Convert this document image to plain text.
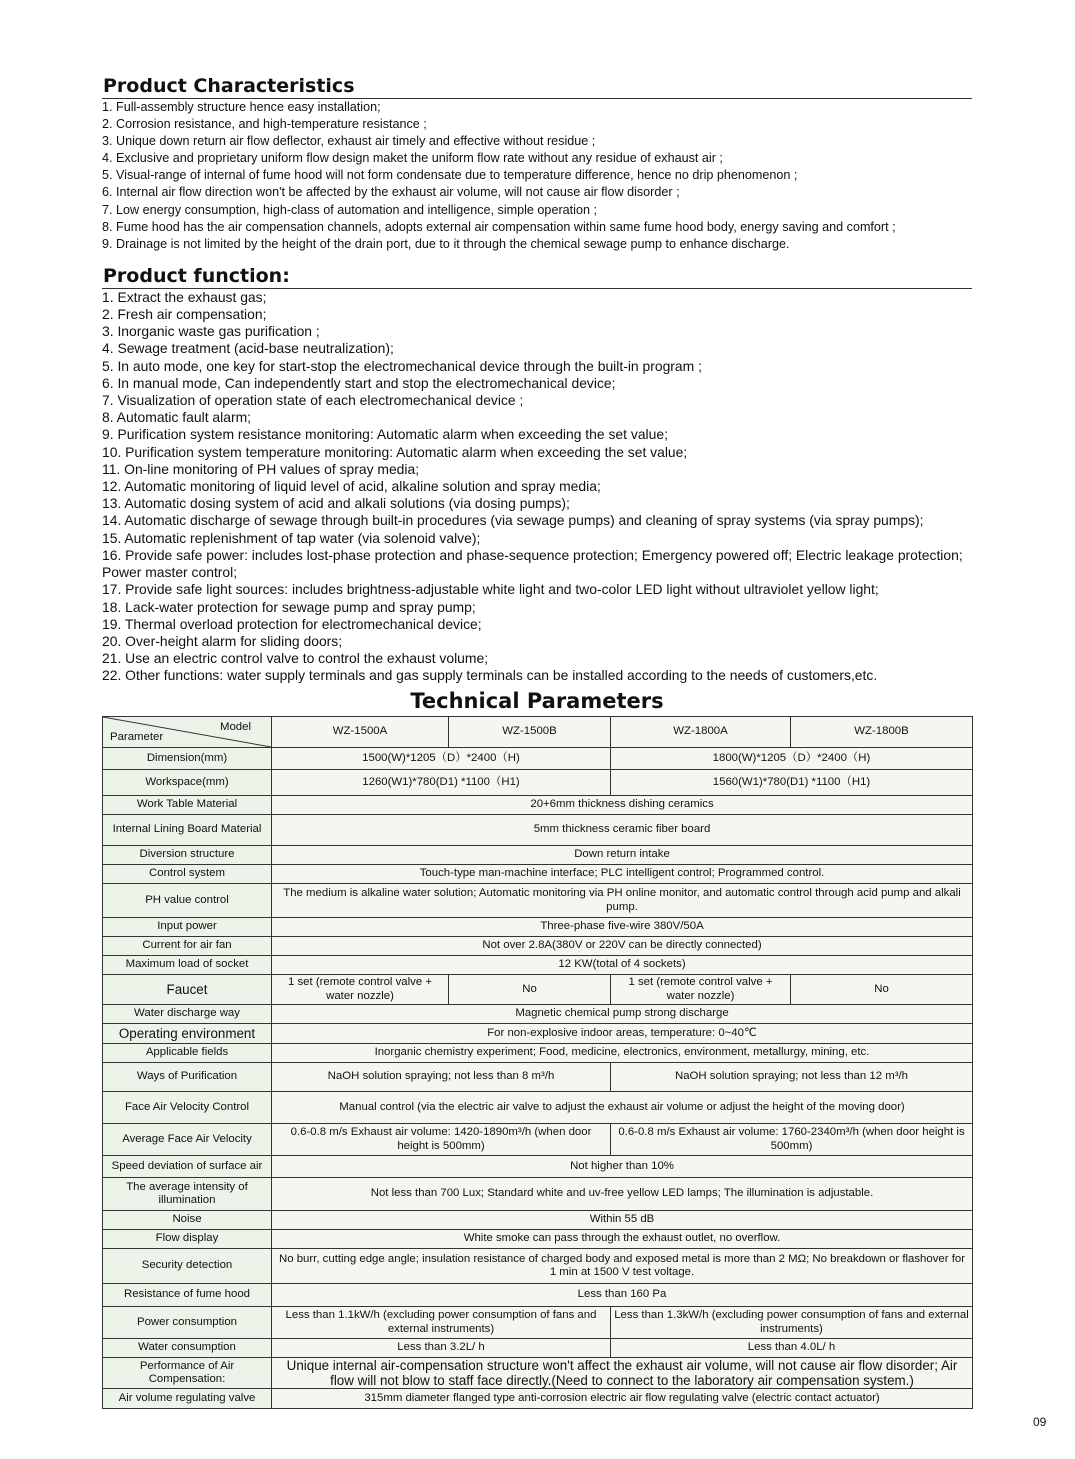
Product Characteristics
1. Full-assembly structure hence easy installation;
2. Corrosion resistance, and high-temperature resistance ;
3. Unique down return air flow deflector, exhaust air timely and effective without residue ;
4. Exclusive and proprietary uniform flow design maket the uniform flow rate without any residue of exhaust air ;
5. Visual-range of internal of fume hood will not form condensate due to temperature difference, hence no drip phenomenon ;
6. Internal air flow direction won't be affected by the exhaust air volume, will not cause air flow disorder ;
7. Low energy consumption, high-class of automation and intelligence, simple operation ;
8. Fume hood has the air compensation channels, adopts external air compensation within same fume hood body, energy saving and comfort ;
9. Drainage is not limited by the height of the drain port, due to it through the chemical sewage pump to enhance discharge.
Product function:
1. Extract the exhaust gas;
2. Fresh air compensation;
3. Inorganic waste gas purification ;
4. Sewage treatment (acid-base neutralization);
5. In auto mode, one key for start-stop the electromechanical device through the built-in program ;
6. In manual mode, Can independently start and stop the electromechanical device;
7. Visualization of operation state of each electromechanical device ;
8. Automatic fault alarm;
9. Purification system resistance monitoring: Automatic alarm when exceeding the set value;
10. Purification system temperature monitoring: Automatic alarm when exceeding the set value;
11. On-line monitoring of PH values of spray media;
12. Automatic monitoring of liquid level of acid, alkaline solution and spray media;
13. Automatic dosing system of acid and alkali solutions (via dosing pumps);
14. Automatic discharge of sewage through built-in procedures (via sewage pumps) and cleaning of spray systems (via spray pumps);
15. Automatic replenishment of tap water (via solenoid valve);
16. Provide safe power: includes lost-phase protection and phase-sequence protection; Emergency powered off; Electric leakage protection; Power master control;
17. Provide safe light sources: includes brightness-adjustable white light and two-color LED light without ultraviolet yellow light;
18. Lack-water protection for sewage pump and spray pump;
19. Thermal overload protection for electromechanical device;
20. Over-height alarm for sliding doors;
21. Use an electric control valve to control the exhaust volume;
22. Other functions: water supply terminals and gas supply terminals can be installed according to the needs of customers,etc.
Technical Parameters
Model
Parameter	WZ-1500A	WZ-1500B	WZ-1800A	WZ-1800B
Dimension(mm)	1500(W)*1205（D）*2400（H)		1800(W)*1205（D）*2400（H)	
Workspace(mm)	1260(W1)*780(D1) *1100（H1)		1560(W1)*780(D1) *1100（H1)	
Work Table Material	20+6mm thickness dishing ceramics			
Internal Lining Board Material	5mm thickness ceramic fiber board			
Diversion structure	Down return intake			
Control system	Touch-type man-machine interface; PLC intelligent control; Programmed control.			
PH value control	The medium is alkaline water solution; Automatic monitoring via PH online monitor, and automatic control through acid pump and alkali pump.			
Input power	Three-phase five-wire 380V/50A			
Current for air fan	Not over 2.8A(380V or 220V can be directly connected)			
Maximum load of socket	12 KW(total of 4 sockets)			
Faucet	1 set (remote control valve + water nozzle)	No	1 set (remote control valve + water nozzle)	No
Water discharge way	Magnetic chemical pump strong discharge			
Operating environment	For non-explosive indoor areas, temperature: 0~40℃			
Applicable fields	Inorganic chemistry experiment; Food, medicine, electronics, environment, metallurgy, mining, etc.			
Ways of Purification	NaOH solution spraying; not less than 8 m³/h		NaOH solution spraying; not less than 12 m³/h	
Face Air Velocity Control	Manual control (via the electric air valve to adjust the exhaust air volume or adjust the height of the moving door)			
Average Face Air Velocity	0.6-0.8 m/s Exhaust air volume: 1420-1890m³/h (when door height is 500mm)		0.6-0.8 m/s Exhaust air volume: 1760-2340m³/h (when door height is 500mm)	
Speed deviation of surface air	Not higher than 10%			
The average intensity of illumination	Not less than 700 Lux; Standard white and uv-free yellow LED lamps; The illumination is adjustable.			
Noise	Within 55 dB			
Flow display	White smoke can pass through the exhaust outlet, no overflow.			
Security detection	No burr, cutting edge angle; insulation resistance of charged body and exposed metal is more than 2 MΩ; No breakdown or flashover for 1 min at 1500 V test voltage.			
Resistance of fume hood	Less than 160 Pa			
Power consumption	Less than 1.1kW/h (excluding power consumption of fans and external instruments)		Less than 1.3kW/h (excluding power consumption of fans and external instruments)	
Water consumption	Less than 3.2L/ h		Less than 4.0L/ h	
Performance of Air Compensation:	Unique internal air-compensation structure won't affect the exhaust air volume, will not cause air flow disorder; Air flow will not blow to staff face directly.(Need to connect to the laboratory air compensation system.)			
Air volume regulating valve	315mm diameter flanged type anti-corrosion electric air flow regulating valve (electric contact actuator)			
09
